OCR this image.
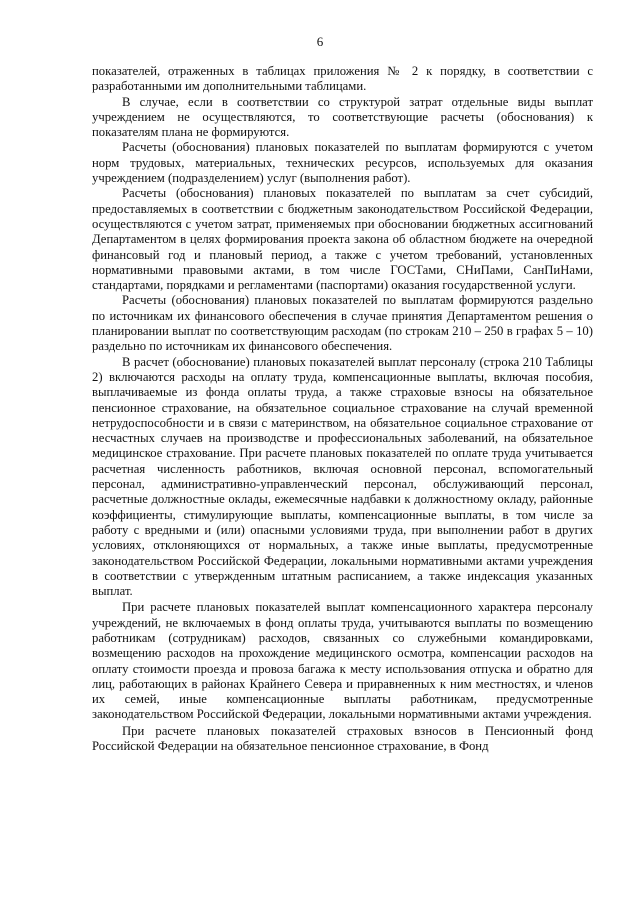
6

показателей, отраженных в таблицах приложения № 2 к порядку, в соответствии с разработанными им дополнительными таблицами.

В случае, если в соответствии со структурой затрат отдельные виды выплат учреждением не осуществляются, то соответствующие расчеты (обоснования) к показателям плана не формируются.

Расчеты (обоснования) плановых показателей по выплатам формируются с учетом норм трудовых, материальных, технических ресурсов, используемых для оказания учреждением (подразделением) услуг (выполнения работ).

Расчеты (обоснования) плановых показателей по выплатам за счет субсидий, предоставляемых в соответствии с бюджетным законодательством Российской Федерации, осуществляются с учетом затрат, применяемых при обосновании бюджетных ассигнований Департаментом в целях формирования проекта закона об областном бюджете на очередной финансовый год и плановый период, а также с учетом требований, установленных нормативными правовыми актами, в том числе ГОСТами, СНиПами, СанПиНами, стандартами, порядками и регламентами (паспортами) оказания государственной услуги.

Расчеты (обоснования) плановых показателей по выплатам формируются раздельно по источникам их финансового обеспечения в случае принятия Департаментом решения о планировании выплат по соответствующим расходам (по строкам 210 – 250 в графах 5 – 10) раздельно по источникам их финансового обеспечения.

В расчет (обоснование) плановых показателей выплат персоналу (строка 210 Таблицы 2) включаются расходы на оплату труда, компенсационные выплаты, включая пособия, выплачиваемые из фонда оплаты труда, а также страховые взносы на обязательное пенсионное страхование, на обязательное социальное страхование на случай временной нетрудоспособности и в связи с материнством, на обязательное социальное страхование от несчастных случаев на производстве и профессиональных заболеваний, на обязательное медицинское страхование. При расчете плановых показателей по оплате труда учитывается расчетная численность работников, включая основной персонал, вспомогательный персонал, административно-управленческий персонал, обслуживающий персонал, расчетные должностные оклады, ежемесячные надбавки к должностному окладу, районные коэффициенты, стимулирующие выплаты, компенсационные выплаты, в том числе за работу с вредными и (или) опасными условиями труда, при выполнении работ в других условиях, отклоняющихся от нормальных, а также иные выплаты, предусмотренные законодательством Российской Федерации, локальными нормативными актами учреждения в соответствии с утвержденным штатным расписанием, а также индексация указанных выплат.

При расчете плановых показателей выплат компенсационного характера персоналу учреждений, не включаемых в фонд оплаты труда, учитываются выплаты по возмещению работникам (сотрудникам) расходов, связанных со служебными командировками, возмещению расходов на прохождение медицинского осмотра, компенсации расходов на оплату стоимости проезда и провоза багажа к месту использования отпуска и обратно для лиц, работающих в районах Крайнего Севера и приравненных к ним местностях, и членов их семей, иные компенсационные выплаты работникам, предусмотренные законодательством Российской Федерации, локальными нормативными актами учреждения.

При расчете плановых показателей страховых взносов в Пенсионный фонд Российской Федерации на обязательное пенсионное страхование, в Фонд
